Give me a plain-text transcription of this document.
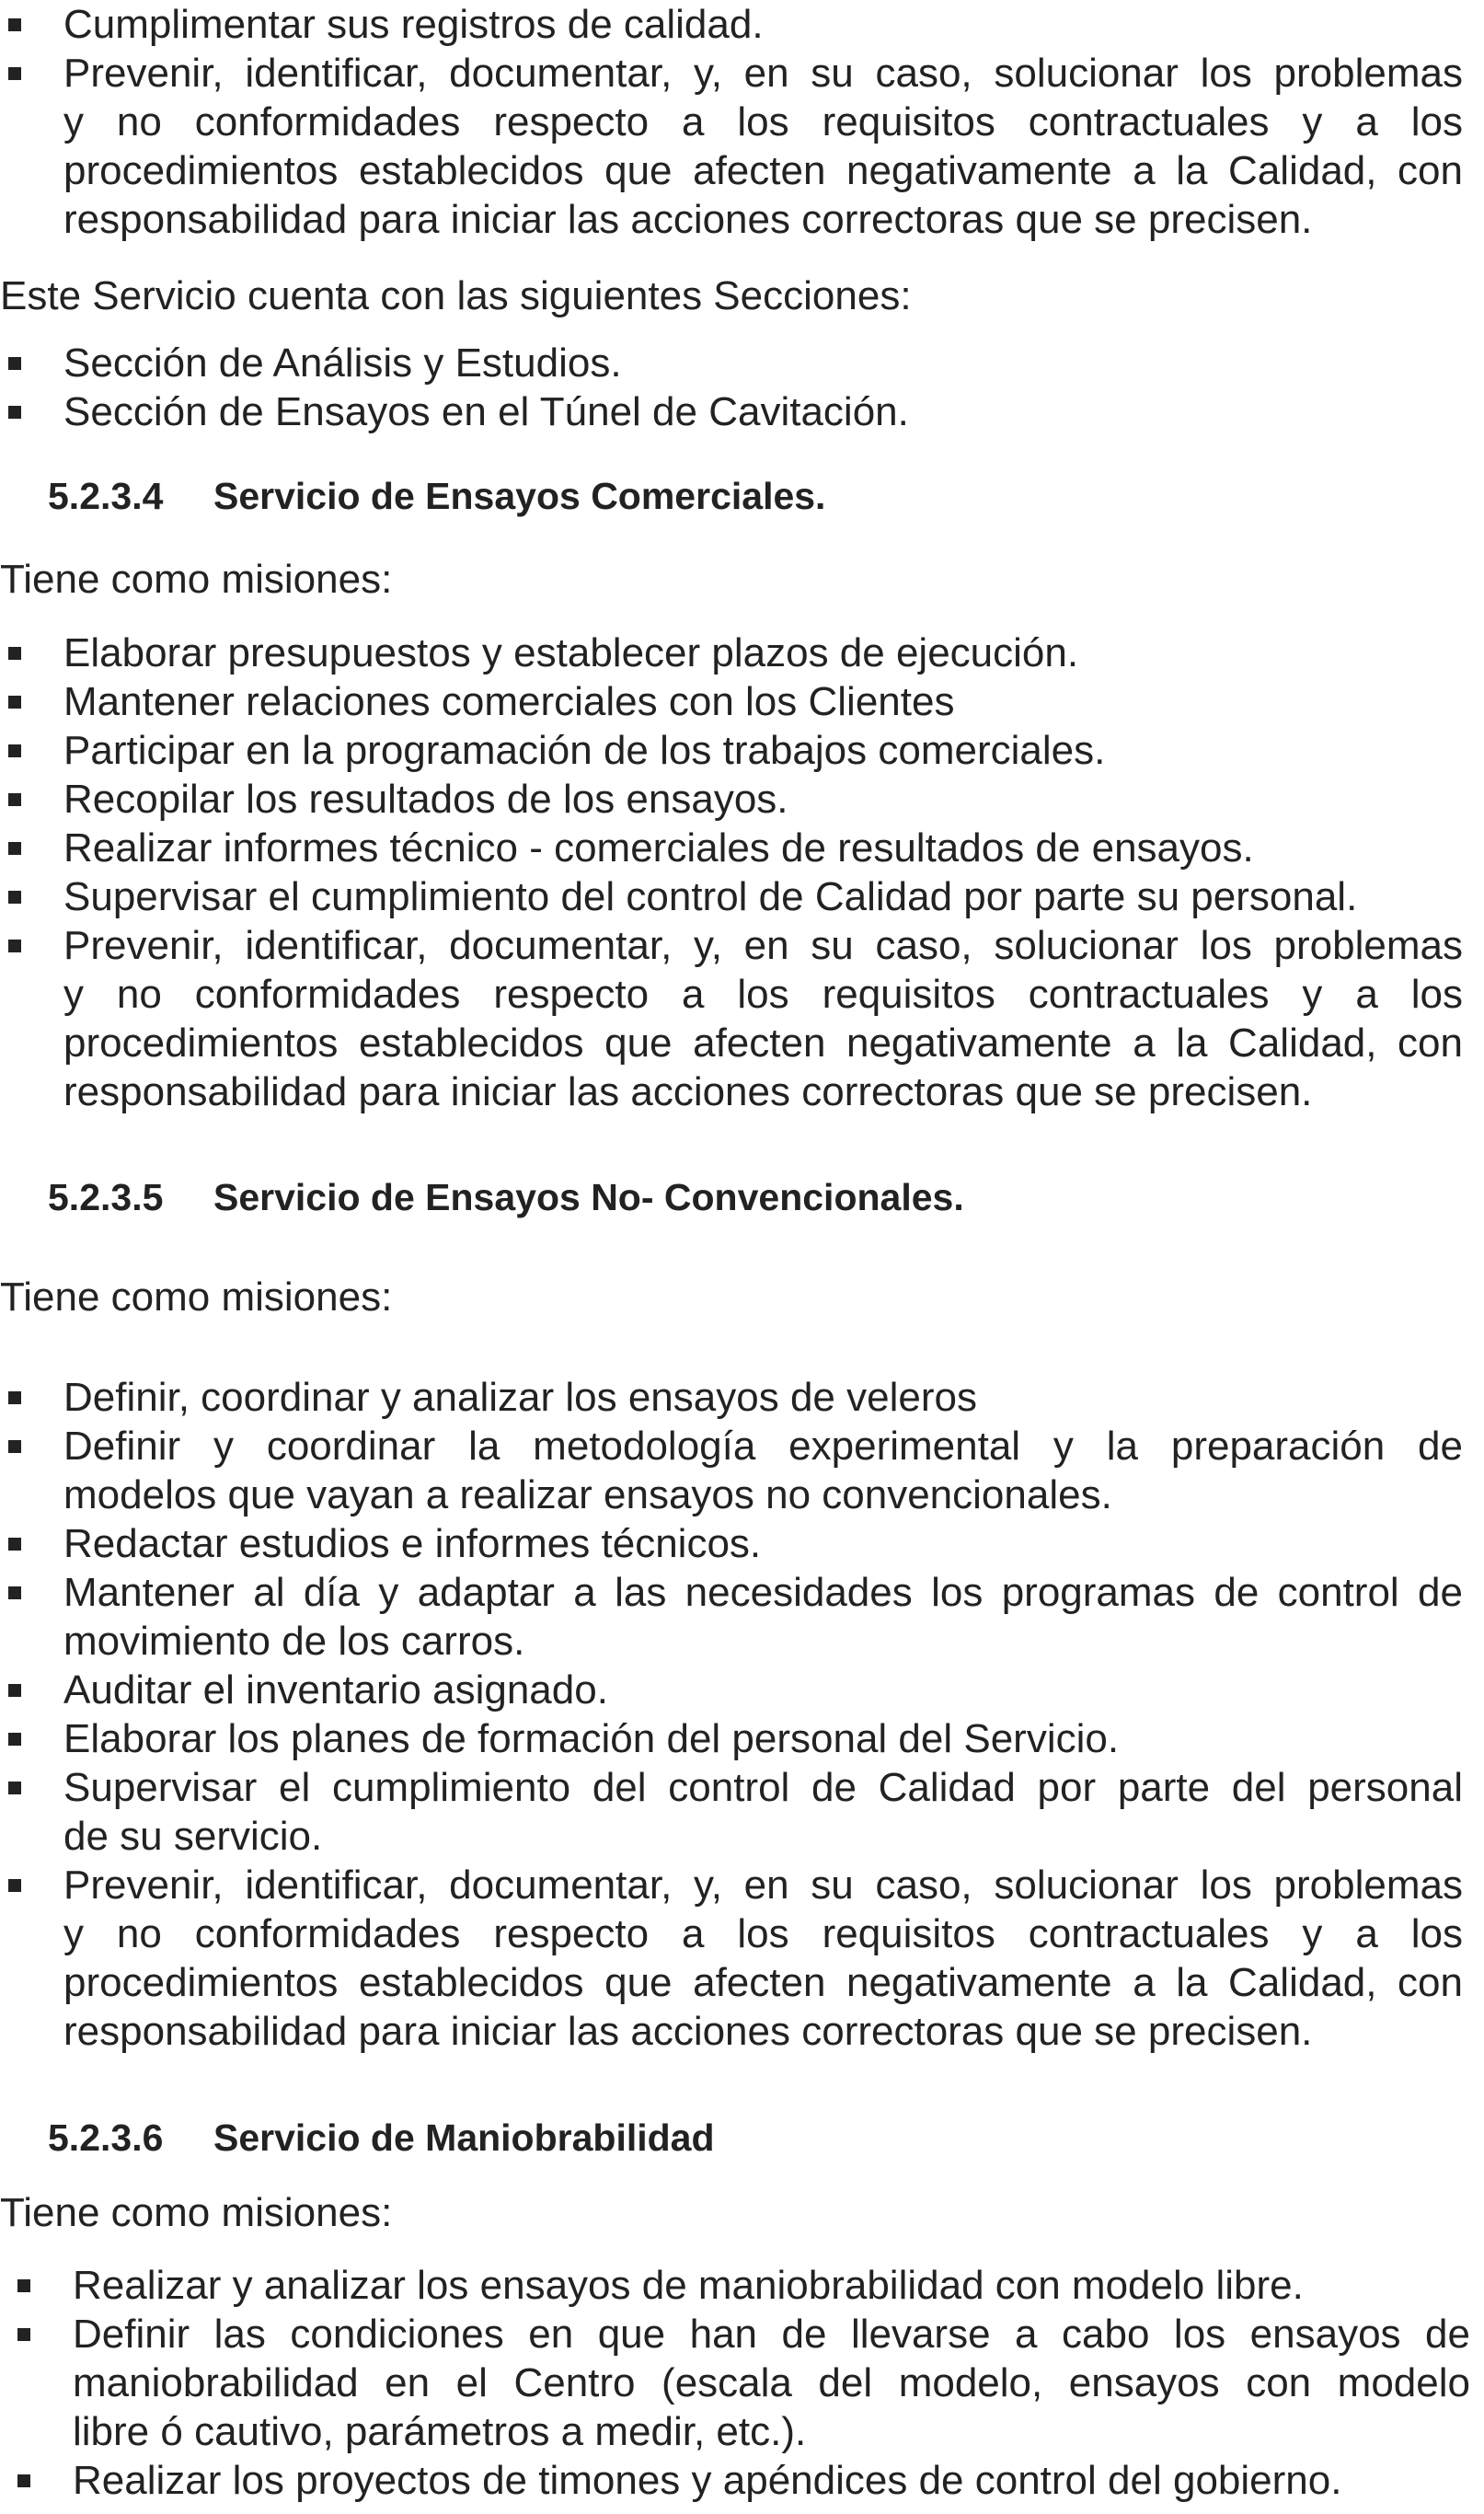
Cumplimentar sus registros de calidad.
Prevenir, identificar, documentar, y, en su caso, solucionar los problemas
y no conformidades respecto a los requisitos contractuales y a los
procedimientos establecidos que afecten negativamente a la Calidad, con
responsabilidad para iniciar las acciones correctoras que se precisen.
Este Servicio cuenta con las siguientes Secciones:
Sección de Análisis y Estudios.
Sección de Ensayos en el Túnel de Cavitación.
5.2.3.4 Servicio de Ensayos Comerciales.
Tiene como misiones:
Elaborar presupuestos y establecer plazos de ejecución.
Mantener relaciones comerciales con los Clientes
Participar en la programación de los trabajos comerciales.
Recopilar los resultados de los ensayos.
Realizar informes técnico - comerciales de resultados de ensayos.
Supervisar el cumplimiento del control de Calidad por parte su personal.
Prevenir, identificar, documentar, y, en su caso, solucionar los problemas
y no conformidades respecto a los requisitos contractuales y a los
procedimientos establecidos que afecten negativamente a la Calidad, con
responsabilidad para iniciar las acciones correctoras que se precisen.
5.2.3.5 Servicio de Ensayos No- Convencionales.
Tiene como misiones:
Definir, coordinar y analizar los ensayos de veleros
Definir y coordinar la metodología experimental y la preparación de
modelos que vayan a realizar ensayos no convencionales.
Redactar estudios e informes técnicos.
Mantener al día y adaptar a las necesidades los programas de control de
movimiento de los carros.
Auditar el inventario asignado.
Elaborar los planes de formación del personal del Servicio.
Supervisar el cumplimiento del control de Calidad por parte del personal
de su servicio.
Prevenir, identificar, documentar, y, en su caso, solucionar los problemas
y no conformidades respecto a los requisitos contractuales y a los
procedimientos establecidos que afecten negativamente a la Calidad, con
responsabilidad para iniciar las acciones correctoras que se precisen.
5.2.3.6 Servicio de Maniobrabilidad
Tiene como misiones:
Realizar y analizar los ensayos de maniobrabilidad con modelo libre.
Definir las condiciones en que han de llevarse a cabo los ensayos de
maniobrabilidad en el Centro (escala del modelo, ensayos con modelo
libre ó cautivo, parámetros a medir, etc.).
Realizar los proyectos de timones y apéndices de control del gobierno.
